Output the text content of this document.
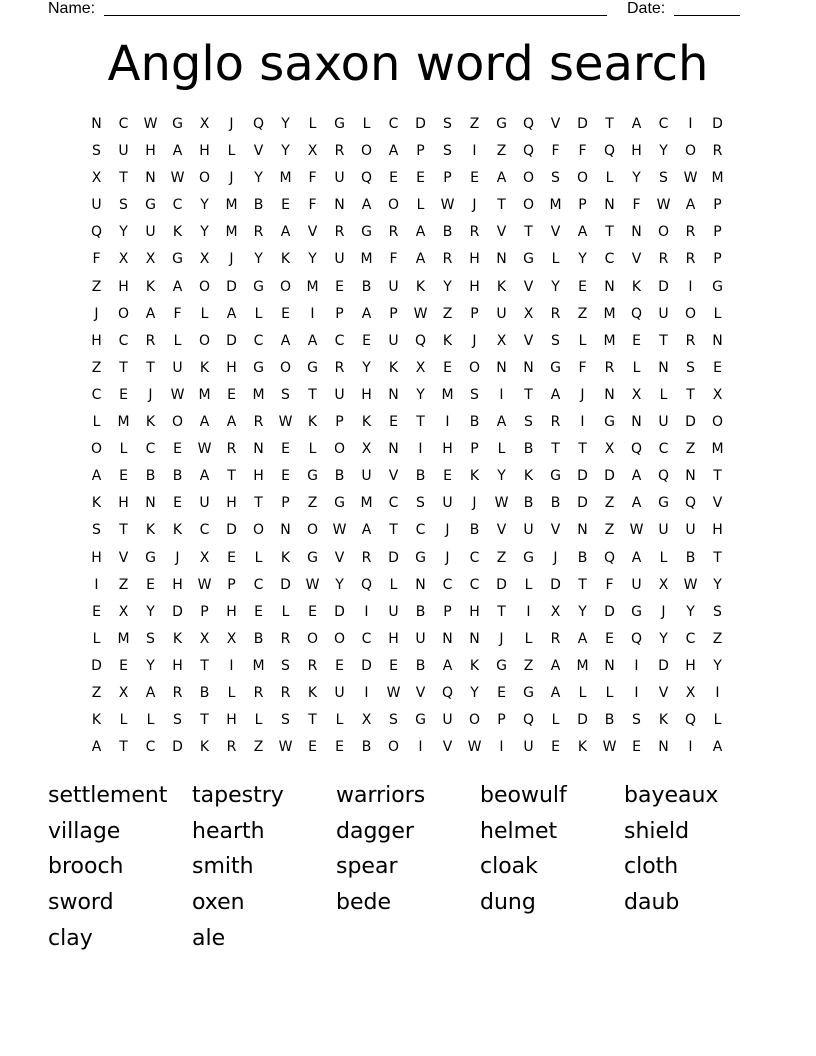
Name:	Date:
Anglo saxon word search
N	C	W	G	X	J	Q	Y	L	G	L	C	D	S	Z	G	Q	V	D	T	A	C	I	D
S	U	H	A	H	L	V	Y	X	R	O	A	P	S	I	Z	Q	F	F	Q	H	Y	O	R
X	T	N	W	O	J	Y	M	F	U	Q	E	E	P	E	A	O	S	O	L	Y	S	W	M
U	S	G	C	Y	M	B	E	F	N	A	O	L	W	J	T	O	M	P	N	F	W	A	P
Q	Y	U	K	Y	M	R	A	V	R	G	R	A	B	R	V	T	V	A	T	N	O	R	P
F	X	X	G	X	J	Y	K	Y	U	M	F	A	R	H	N	G	L	Y	C	V	R	R	P
Z	H	K	A	O	D	G	O	M	E	B	U	K	Y	H	K	V	Y	E	N	K	D	I	G
J	O	A	F	L	A	L	E	I	P	A	P	W	Z	P	U	X	R	Z	M	Q	U	O	L
H	C	R	L	O	D	C	A	A	C	E	U	Q	K	J	X	V	S	L	M	E	T	R	N
Z	T	T	U	K	H	G	O	G	R	Y	K	X	E	O	N	N	G	F	R	L	N	S	E
C	E	J	W	M	E	M	S	T	U	H	N	Y	M	S	I	T	A	J	N	X	L	T	X
L	M	K	O	A	A	R	W	K	P	K	E	T	I	B	A	S	R	I	G	N	U	D	O
O	L	C	E	W	R	N	E	L	O	X	N	I	H	P	L	B	T	T	X	Q	C	Z	M
A	E	B	B	A	T	H	E	G	B	U	V	B	E	K	Y	K	G	D	D	A	Q	N	T
K	H	N	E	U	H	T	P	Z	G	M	C	S	U	J	W	B	B	D	Z	A	G	Q	V
S	T	K	K	C	D	O	N	O	W	A	T	C	J	B	V	U	V	N	Z	W	U	U	H
H	V	G	J	X	E	L	K	G	V	R	D	G	J	C	Z	G	J	B	Q	A	L	B	T
I	Z	E	H	W	P	C	D	W	Y	Q	L	N	C	C	D	L	D	T	F	U	X	W	Y
E	X	Y	D	P	H	E	L	E	D	I	U	B	P	H	T	I	X	Y	D	G	J	Y	S
L	M	S	K	X	X	B	R	O	O	C	H	U	N	N	J	L	R	A	E	Q	Y	C	Z
D	E	Y	H	T	I	M	S	R	E	D	E	B	A	K	G	Z	A	M	N	I	D	H	Y
Z	X	A	R	B	L	R	R	K	U	I	W	V	Q	Y	E	G	A	L	L	I	V	X	I
K	L	L	S	T	H	L	S	T	L	X	S	G	U	O	P	Q	L	D	B	S	K	Q	L
A	T	C	D	K	R	Z	W	E	E	B	O	I	V	W	I	U	E	K	W	E	N	I	A
settlement	tapestry	warriors	beowulf	bayeaux
village	hearth	dagger	helmet	shield
brooch	smith	spear	cloak	cloth
sword	oxen	bede	dung	daub
clay	ale
